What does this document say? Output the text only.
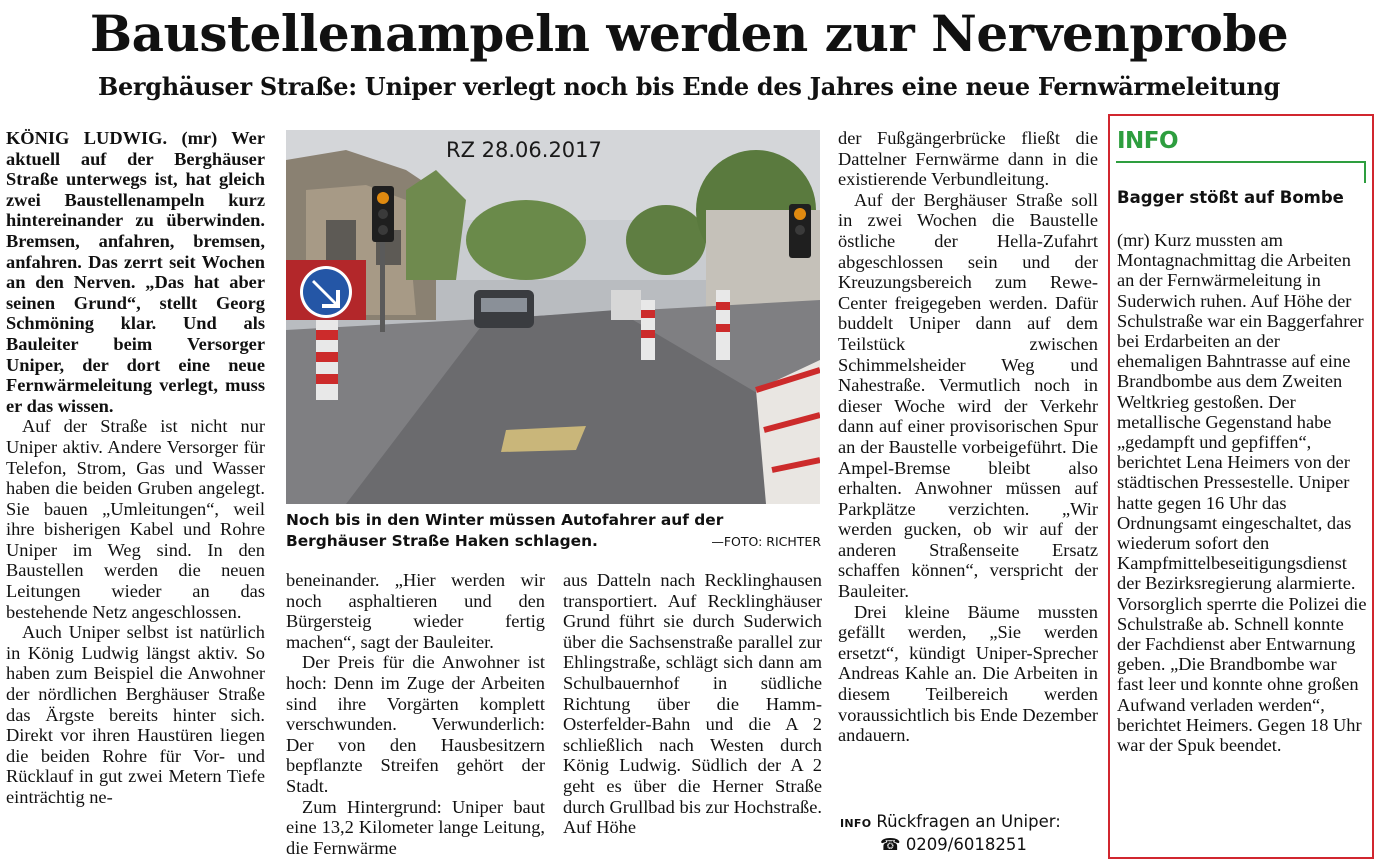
Baustellenampeln werden zur Nervenprobe
Berghäuser Straße: Uniper verlegt noch bis Ende des Jahres eine neue Fernwärmeleitung

KÖNIG LUDWIG. (mr) Wer aktuell auf der Berghäuser Straße unterwegs ist, hat gleich zwei Baustellenampeln kurz hintereinander zu überwinden. Bremsen, anfahren, bremsen, anfahren. Das zerrt seit Wochen an den Nerven. „Das hat aber seinen Grund“, stellt Georg Schmöning klar. Und als Bauleiter beim Versorger Uniper, der dort eine neue Fernwärmeleitung verlegt, muss er das wissen.

Auf der Straße ist nicht nur Uniper aktiv. Andere Versorger für Telefon, Strom, Gas und Wasser haben die beiden Gruben angelegt. Sie bauen „Umleitungen“, weil ihre bisherigen Kabel und Rohre Uniper im Weg sind. In den Baustellen werden die neuen Leitungen wieder an das bestehende Netz angeschlossen.

Auch Uniper selbst ist natürlich in König Ludwig längst aktiv. So haben zum Beispiel die Anwohner der nördlichen Berghäuser Straße das Ärgste bereits hinter sich. Direkt vor ihren Haustüren liegen die beiden Rohre für Vor- und Rücklauf in gut zwei Metern Tiefe einträchtig ne-

RZ 28.06.2017
Noch bis in den Winter müssen Autofahrer auf der Berghäuser Straße Haken schlagen.	—FOTO: RICHTER

beneinander. „Hier werden wir noch asphaltieren und den Bürgersteig wieder fertig machen“, sagt der Bauleiter.

Der Preis für die Anwohner ist hoch: Denn im Zuge der Arbeiten sind ihre Vorgärten komplett verschwunden. Verwunderlich: Der von den Hausbesitzern bepflanzte Streifen gehört der Stadt.

Zum Hintergrund: Uniper baut eine 13,2 Kilometer lange Leitung, die Fernwärme

aus Datteln nach Recklinghausen transportiert. Auf Recklinghäuser Grund führt sie durch Suderwich über die Sachsenstraße parallel zur Ehlingstraße, schlägt sich dann am Schulbauernhof in südliche Richtung über die Hamm-Osterfelder-Bahn und die A 2 schließlich nach Westen durch König Ludwig. Südlich der A 2 geht es über die Herner Straße durch Grullbad bis zur Hochstraße. Auf Höhe

der Fußgängerbrücke fließt die Dattelner Fernwärme dann in die existierende Verbundleitung.

Auf der Berghäuser Straße soll in zwei Wochen die Baustelle östliche der Hella-Zufahrt abgeschlossen sein und der Kreuzungsbereich zum Rewe-Center freigegeben werden. Dafür buddelt Uniper dann auf dem Teilstück zwischen Schimmelsheider Weg und Nahestraße. Vermutlich noch in dieser Woche wird der Verkehr dann auf einer provisorischen Spur an der Baustelle vorbeigeführt. Die Ampel-Bremse bleibt also erhalten. Anwohner müssen auf Parkplätze verzichten. „Wir werden gucken, ob wir auf der anderen Straßenseite Ersatz schaffen können“, verspricht der Bauleiter.

Drei kleine Bäume mussten gefällt werden, „Sie werden ersetzt“, kündigt Uniper-Sprecher Andreas Kahle an. Die Arbeiten in diesem Teilbereich werden voraussichtlich bis Ende Dezember andauern.

INFO Rückfragen an Uniper:
☎ 0209/6018251
INFO
Bagger stößt auf Bombe
(mr) Kurz mussten am Montagnachmittag die Arbeiten an der Fernwärmeleitung in Suderwich ruhen. Auf Höhe der Schulstraße war ein Baggerfahrer bei Erdarbeiten an der ehemaligen Bahntrasse auf eine Brandbombe aus dem Zweiten Weltkrieg gestoßen. Der metallische Gegenstand habe „gedampft und gepfiffen“, berichtet Lena Heimers von der städtischen Pressestelle. Uniper hatte gegen 16 Uhr das Ordnungsamt eingeschaltet, das wiederum sofort den Kampfmittelbeseitigungsdienst der Bezirksregierung alarmierte. Vorsorglich sperrte die Polizei die Schulstraße ab. Schnell konnte der Fachdienst aber Entwarnung geben. „Die Brandbombe war fast leer und konnte ohne großen Aufwand verladen werden“, berichtet Heimers. Gegen 18 Uhr war der Spuk beendet.
